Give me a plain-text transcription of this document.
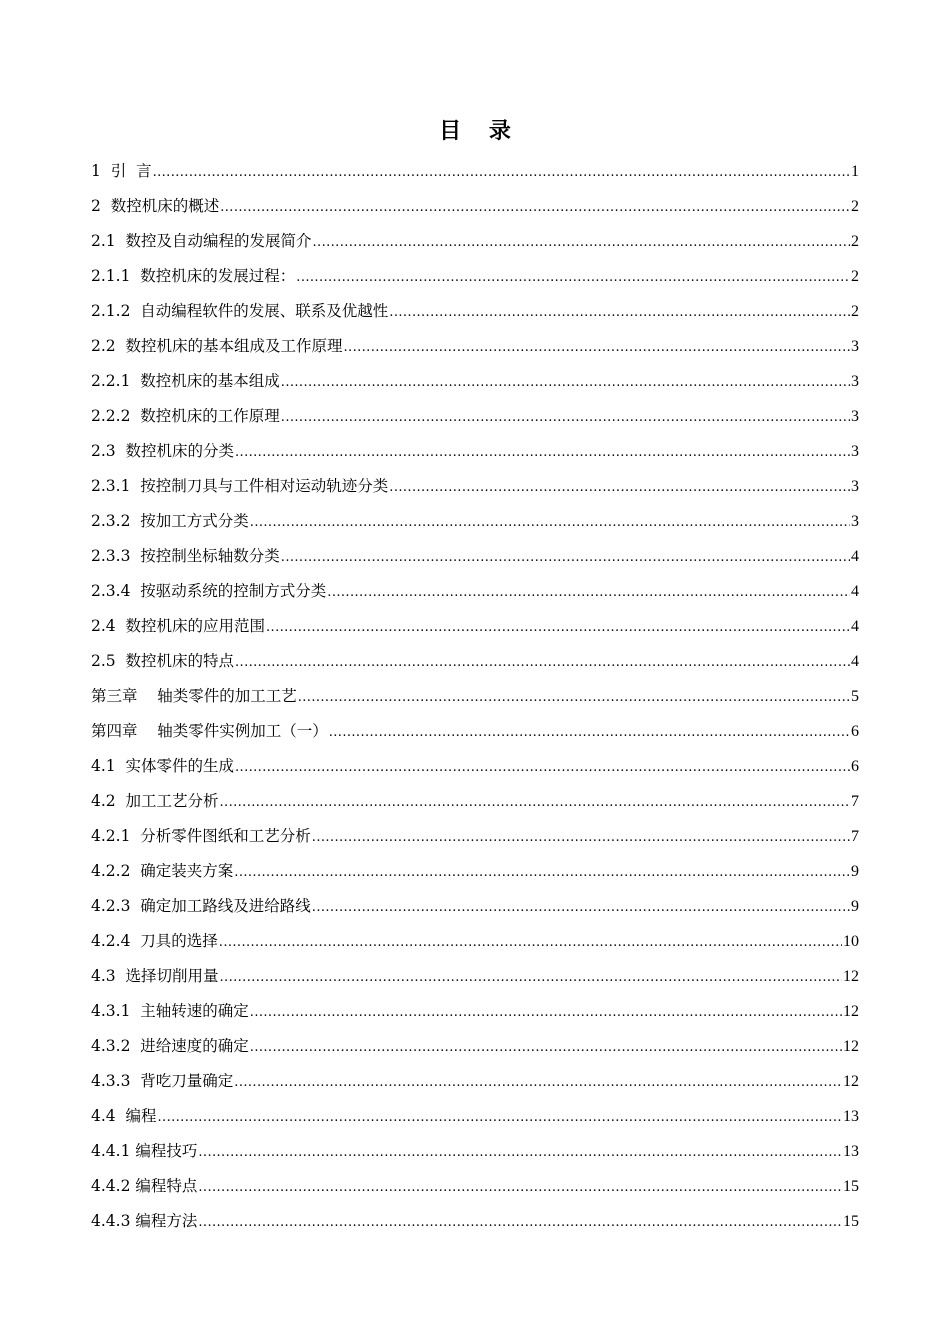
目 录
1  引  言 .....	1
2  数控机床的概述 .....	2
2.1  数控及自动编程的发展简介 .....	2
2.1.1  数控机床的发展过程： .....	2
2.1.2  自动编程软件的发展、联系及优越性 .....	2
2.2  数控机床的基本组成及工作原理 .....	3
2.2.1  数控机床的基本组成 .....	3
2.2.2  数控机床的工作原理 .....	3
2.3  数控机床的分类 .....	3
2.3.1  按控制刀具与工件相对运动轨迹分类 .....	3
2.3.2  按加工方式分类 .....	3
2.3.3  按控制坐标轴数分类 .....	4
2.3.4  按驱动系统的控制方式分类 .....	4
2.4  数控机床的应用范围 .....	4
2.5  数控机床的特点 .....	4
第三章    轴类零件的加工工艺 .....	5
第四章    轴类零件实例加工（一） .....	6
4.1  实体零件的生成 .....	6
4.2  加工工艺分析 .....	7
4.2.1  分析零件图纸和工艺分析 .....	7
4.2.2  确定装夹方案 .....	9
4.2.3  确定加工路线及进给路线 .....	9
4.2.4  刀具的选择 .....	10
4.3  选择切削用量 .....	12
4.3.1  主轴转速的确定 .....	12
4.3.2  进给速度的确定 .....	12
4.3.3  背吃刀量确定 .....	12
4.4  编程 .....	13
4.4.1 编程技巧 .....	13
4.4.2 编程特点 .....	15
4.4.3 编程方法 .....	15
